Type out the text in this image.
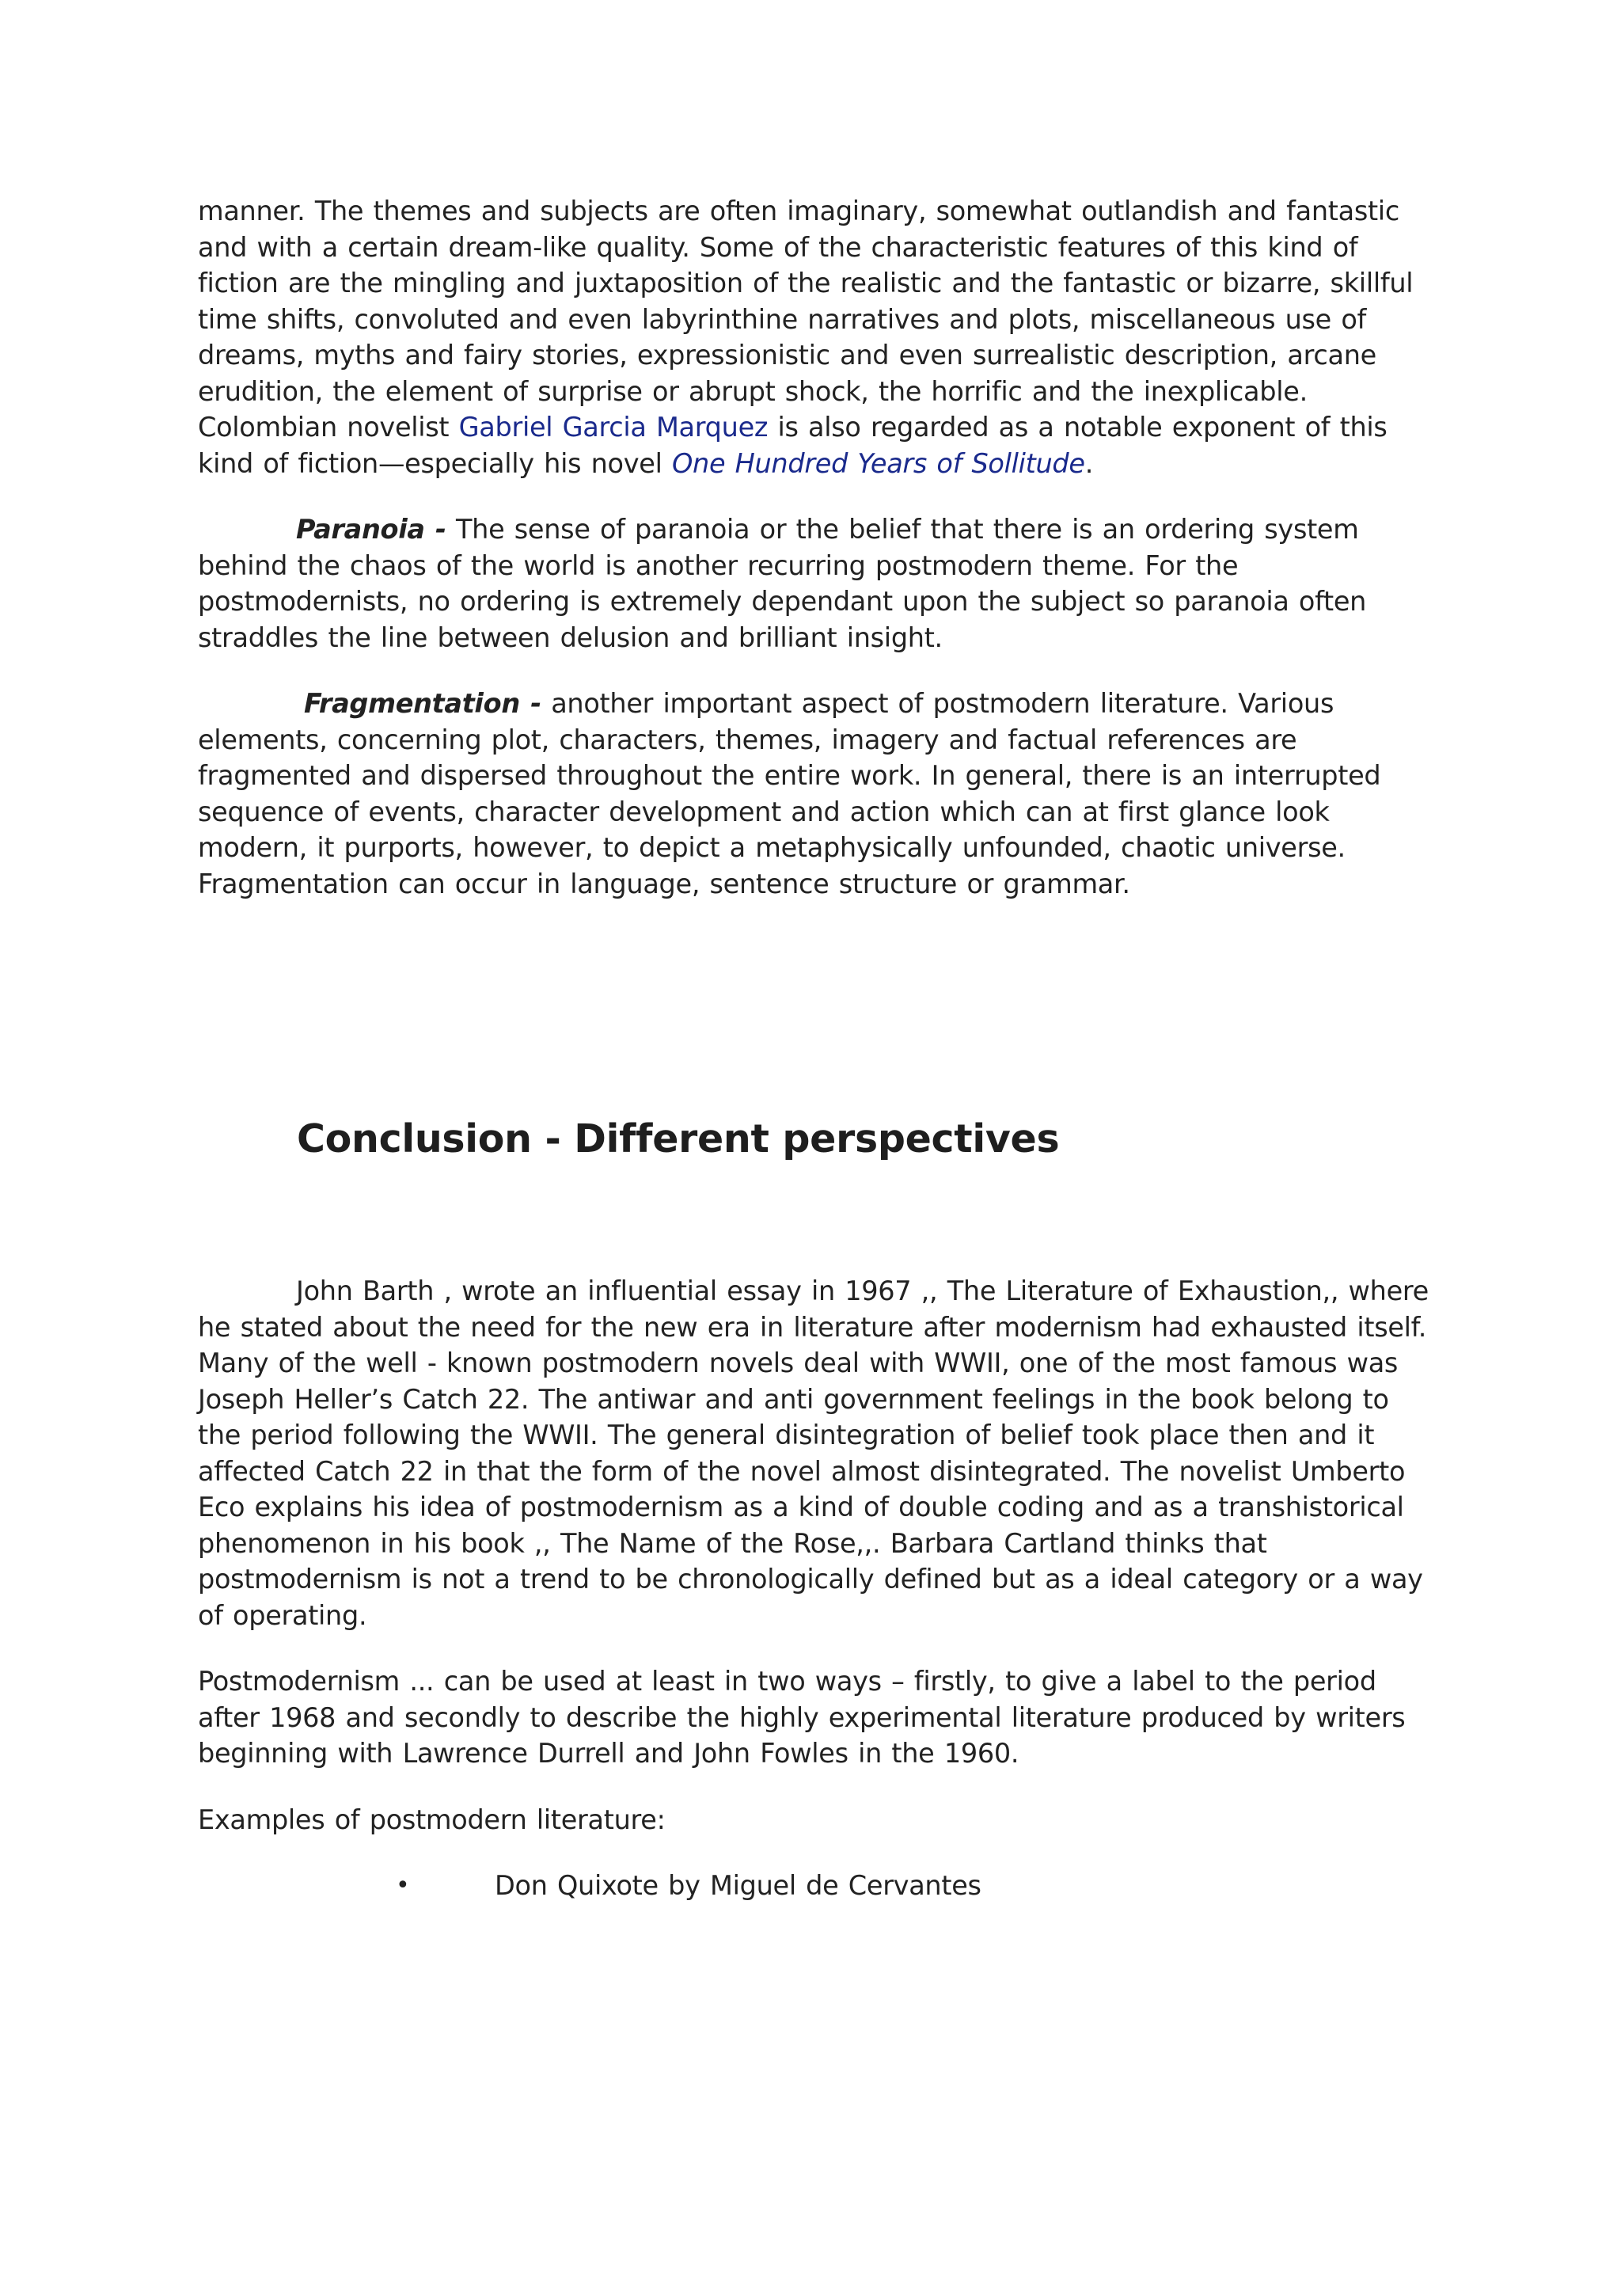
manner. The themes and subjects are often imaginary, somewhat outlandish and fantastic and with a certain dream-like quality. Some of the characteristic features of this kind of fiction are the mingling and juxtaposition of the realistic and the fantastic or bizarre, skillful time shifts, convoluted and even labyrinthine narratives and plots, miscellaneous use of dreams, myths and fairy stories, expressionistic and even surrealistic description, arcane erudition, the element of surprise or abrupt shock, the horrific and the inexplicable. Colombian novelist Gabriel Garcia Marquez is also regarded as a notable exponent of this kind of fiction—especially his novel One Hundred Years of Sollitude.

Paranoia - The sense of paranoia or the belief that there is an ordering system behind the chaos of the world is another recurring postmodern theme. For the postmodernists, no ordering is extremely dependant upon the subject so paranoia often straddles the line between delusion and brilliant insight.

Fragmentation - another important aspect of postmodern literature. Various elements, concerning plot, characters, themes, imagery and factual references are fragmented and dispersed throughout the entire work. In general, there is an interrupted sequence of events, character development and action which can at first glance look modern, it purports, however, to depict a metaphysically unfounded, chaotic universe. Fragmentation can occur in language, sentence structure or grammar.

Conclusion - Different perspectives

John Barth , wrote an influential essay in 1967 ,, The Literature of Exhaustion,, where he stated about the need for the new era in literature after modernism had exhausted itself. Many of the well - known postmodern novels deal with WWII, one of the most famous was Joseph Heller’s Catch 22. The antiwar and anti government feelings in the book belong to the period following the WWII. The general disintegration of belief took place then and it affected Catch 22 in that the form of the novel almost disintegrated. The novelist Umberto Eco explains his idea of postmodernism as a kind of double coding and as a transhistorical phenomenon in his book ,, The Name of the Rose,,. Barbara Cartland thinks that postmodernism is not a trend to be chronologically defined but as a ideal category or a way of operating.

Postmodernism ... can be used at least in two ways – firstly, to give a label to the period after 1968 and secondly to describe the highly experimental literature produced by writers beginning with Lawrence Durrell and John Fowles in the 1960.

Examples of postmodern literature:

•	Don Quixote by Miguel de Cervantes
